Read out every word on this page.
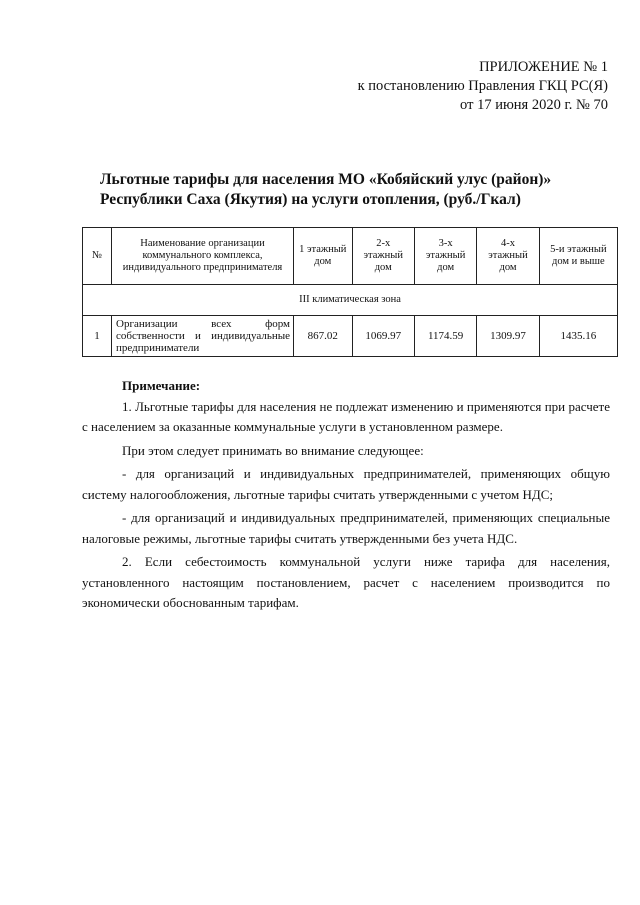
ПРИЛОЖЕНИЕ № 1
к постановлению Правления ГКЦ РС(Я)
от 17 июня 2020 г. № 70
Льготные тарифы для населения МО «Кобяйский улус (район)»
Республики Саха (Якутия) на услуги отопления, (руб./Гкал)
№	Наименование организации коммунального комплекса, индивидуального предпринимателя	1 этажный дом	2-х этажный дом	3-х этажный дом	4-х этажный дом	5-и этажный дом и выше
III климатическая зона						
1	Организации всех форм собственности и индивидуальные предприниматели	867.02	1069.97	1174.59	1309.97	1435.16
Примечание:

1. Льготные тарифы для населения не подлежат изменению и применяются при расчете с населением за оказанные коммунальные услуги в установленном размере.

При этом следует принимать во внимание следующее:

- для организаций и индивидуальных предпринимателей, применяющих общую систему налогообложения, льготные тарифы считать утвержденными с учетом НДС;

- для организаций и индивидуальных предпринимателей, применяющих специальные налоговые режимы, льготные тарифы считать утвержденными без учета НДС.

2. Если себестоимость коммунальной услуги ниже тарифа для населения, установленного настоящим постановлением, расчет с населением производится по экономически обоснованным тарифам.
